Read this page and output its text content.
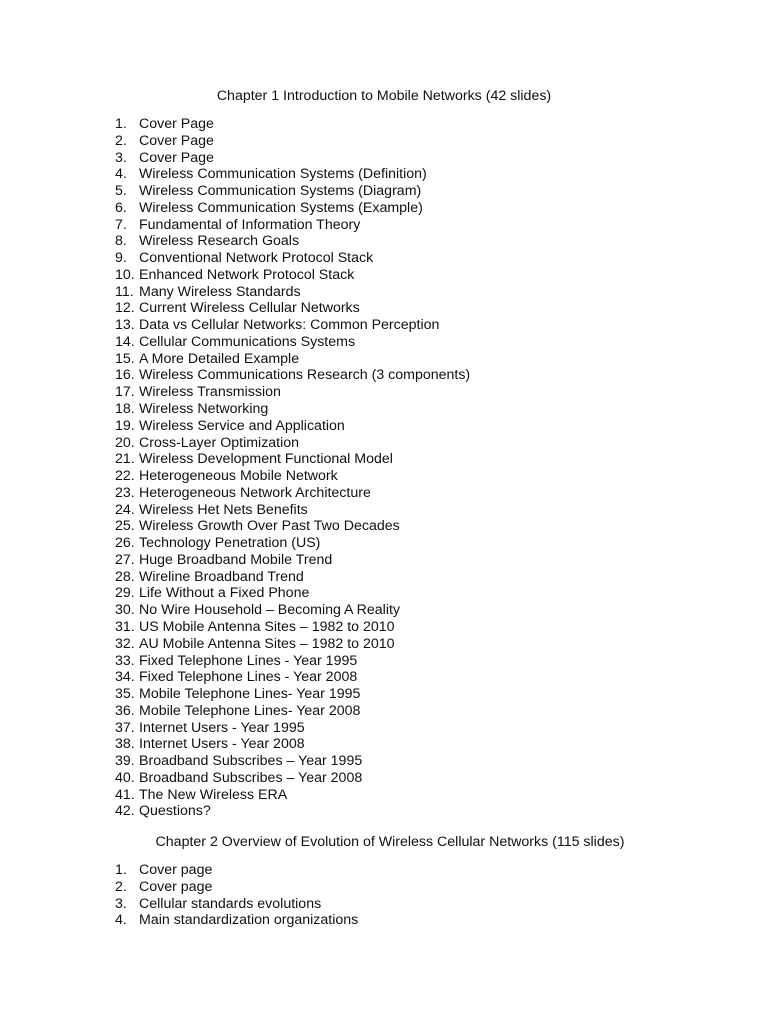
Chapter 1 Introduction to Mobile Networks (42 slides)
1. Cover Page
2. Cover Page
3. Cover Page
4. Wireless Communication Systems (Definition)
5. Wireless Communication Systems (Diagram)
6. Wireless Communication Systems (Example)
7. Fundamental of Information Theory
8. Wireless Research Goals
9. Conventional Network Protocol Stack
10. Enhanced Network Protocol Stack
11. Many Wireless Standards
12. Current Wireless Cellular Networks
13. Data vs Cellular Networks: Common Perception
14. Cellular Communications Systems
15. A More Detailed Example
16. Wireless Communications Research (3 components)
17. Wireless Transmission
18. Wireless Networking
19. Wireless Service and Application
20. Cross-Layer Optimization
21. Wireless Development Functional Model
22. Heterogeneous Mobile Network
23. Heterogeneous Network Architecture
24. Wireless Het Nets Benefits
25. Wireless Growth Over Past Two Decades
26. Technology Penetration (US)
27. Huge Broadband Mobile Trend
28. Wireline Broadband Trend
29. Life Without a Fixed Phone
30. No Wire Household – Becoming A Reality
31. US Mobile Antenna Sites – 1982 to 2010
32. AU Mobile Antenna Sites – 1982 to 2010
33. Fixed Telephone Lines - Year 1995
34. Fixed Telephone Lines - Year 2008
35. Mobile Telephone Lines- Year 1995
36. Mobile Telephone Lines- Year 2008
37. Internet Users - Year 1995
38. Internet Users - Year 2008
39. Broadband Subscribes – Year 1995
40. Broadband Subscribes – Year 2008
41. The New Wireless ERA
42. Questions?
Chapter 2 Overview of Evolution of Wireless Cellular Networks (115 slides)
1. Cover page
2. Cover page
3. Cellular standards evolutions
4. Main standardization organizations
